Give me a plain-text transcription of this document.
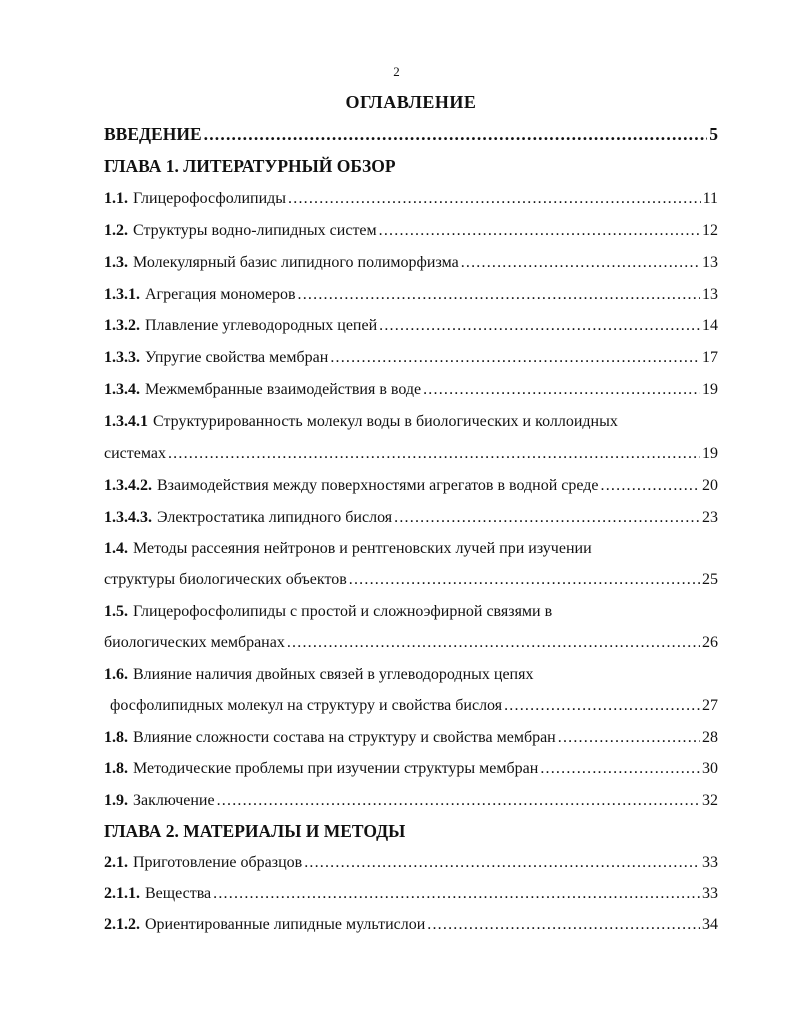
2
ОГЛАВЛЕНИЕ
ВВЕДЕНИЕ .....	5
ГЛАВА 1. ЛИТЕРАТУРНЫЙ ОБЗОР
1.1. Глицерофосфолипиды .....	11
1.2. Структуры водно-липидных систем .....	12
1.3. Молекулярный базис липидного полиморфизма .....	13
1.3.1. Агрегация мономеров .....	13
1.3.2. Плавление углеводородных цепей .....	14
1.3.3. Упругие свойства мембран .....	17
1.3.4. Межмембранные взаимодействия в воде .....	19
1.3.4.1 Структурированность молекул воды в биологических и коллоидных
системах .....	19
1.3.4.2. Взаимодействия между поверхностями агрегатов в водной среде .....	20
1.3.4.3. Электростатика липидного бислоя .....	23
1.4. Методы рассеяния нейтронов и рентгеновских лучей при изучении
структуры биологических объектов .....	25
1.5. Глицерофосфолипиды с простой и сложноэфирной связями в
биологических мембранах .....	26
1.6. Влияние наличия двойных связей в углеводородных цепях
фосфолипидных молекул на структуру и свойства бислоя .....	27
1.8. Влияние сложности состава на структуру и свойства мембран .....	28
1.8. Методические проблемы при изучении структуры мембран .....	30
1.9. Заключение .....	32
ГЛАВА 2. МАТЕРИАЛЫ И МЕТОДЫ
2.1. Приготовление образцов .....	33
2.1.1. Вещества .....	33
2.1.2. Ориентированные липидные мультислои .....	34
